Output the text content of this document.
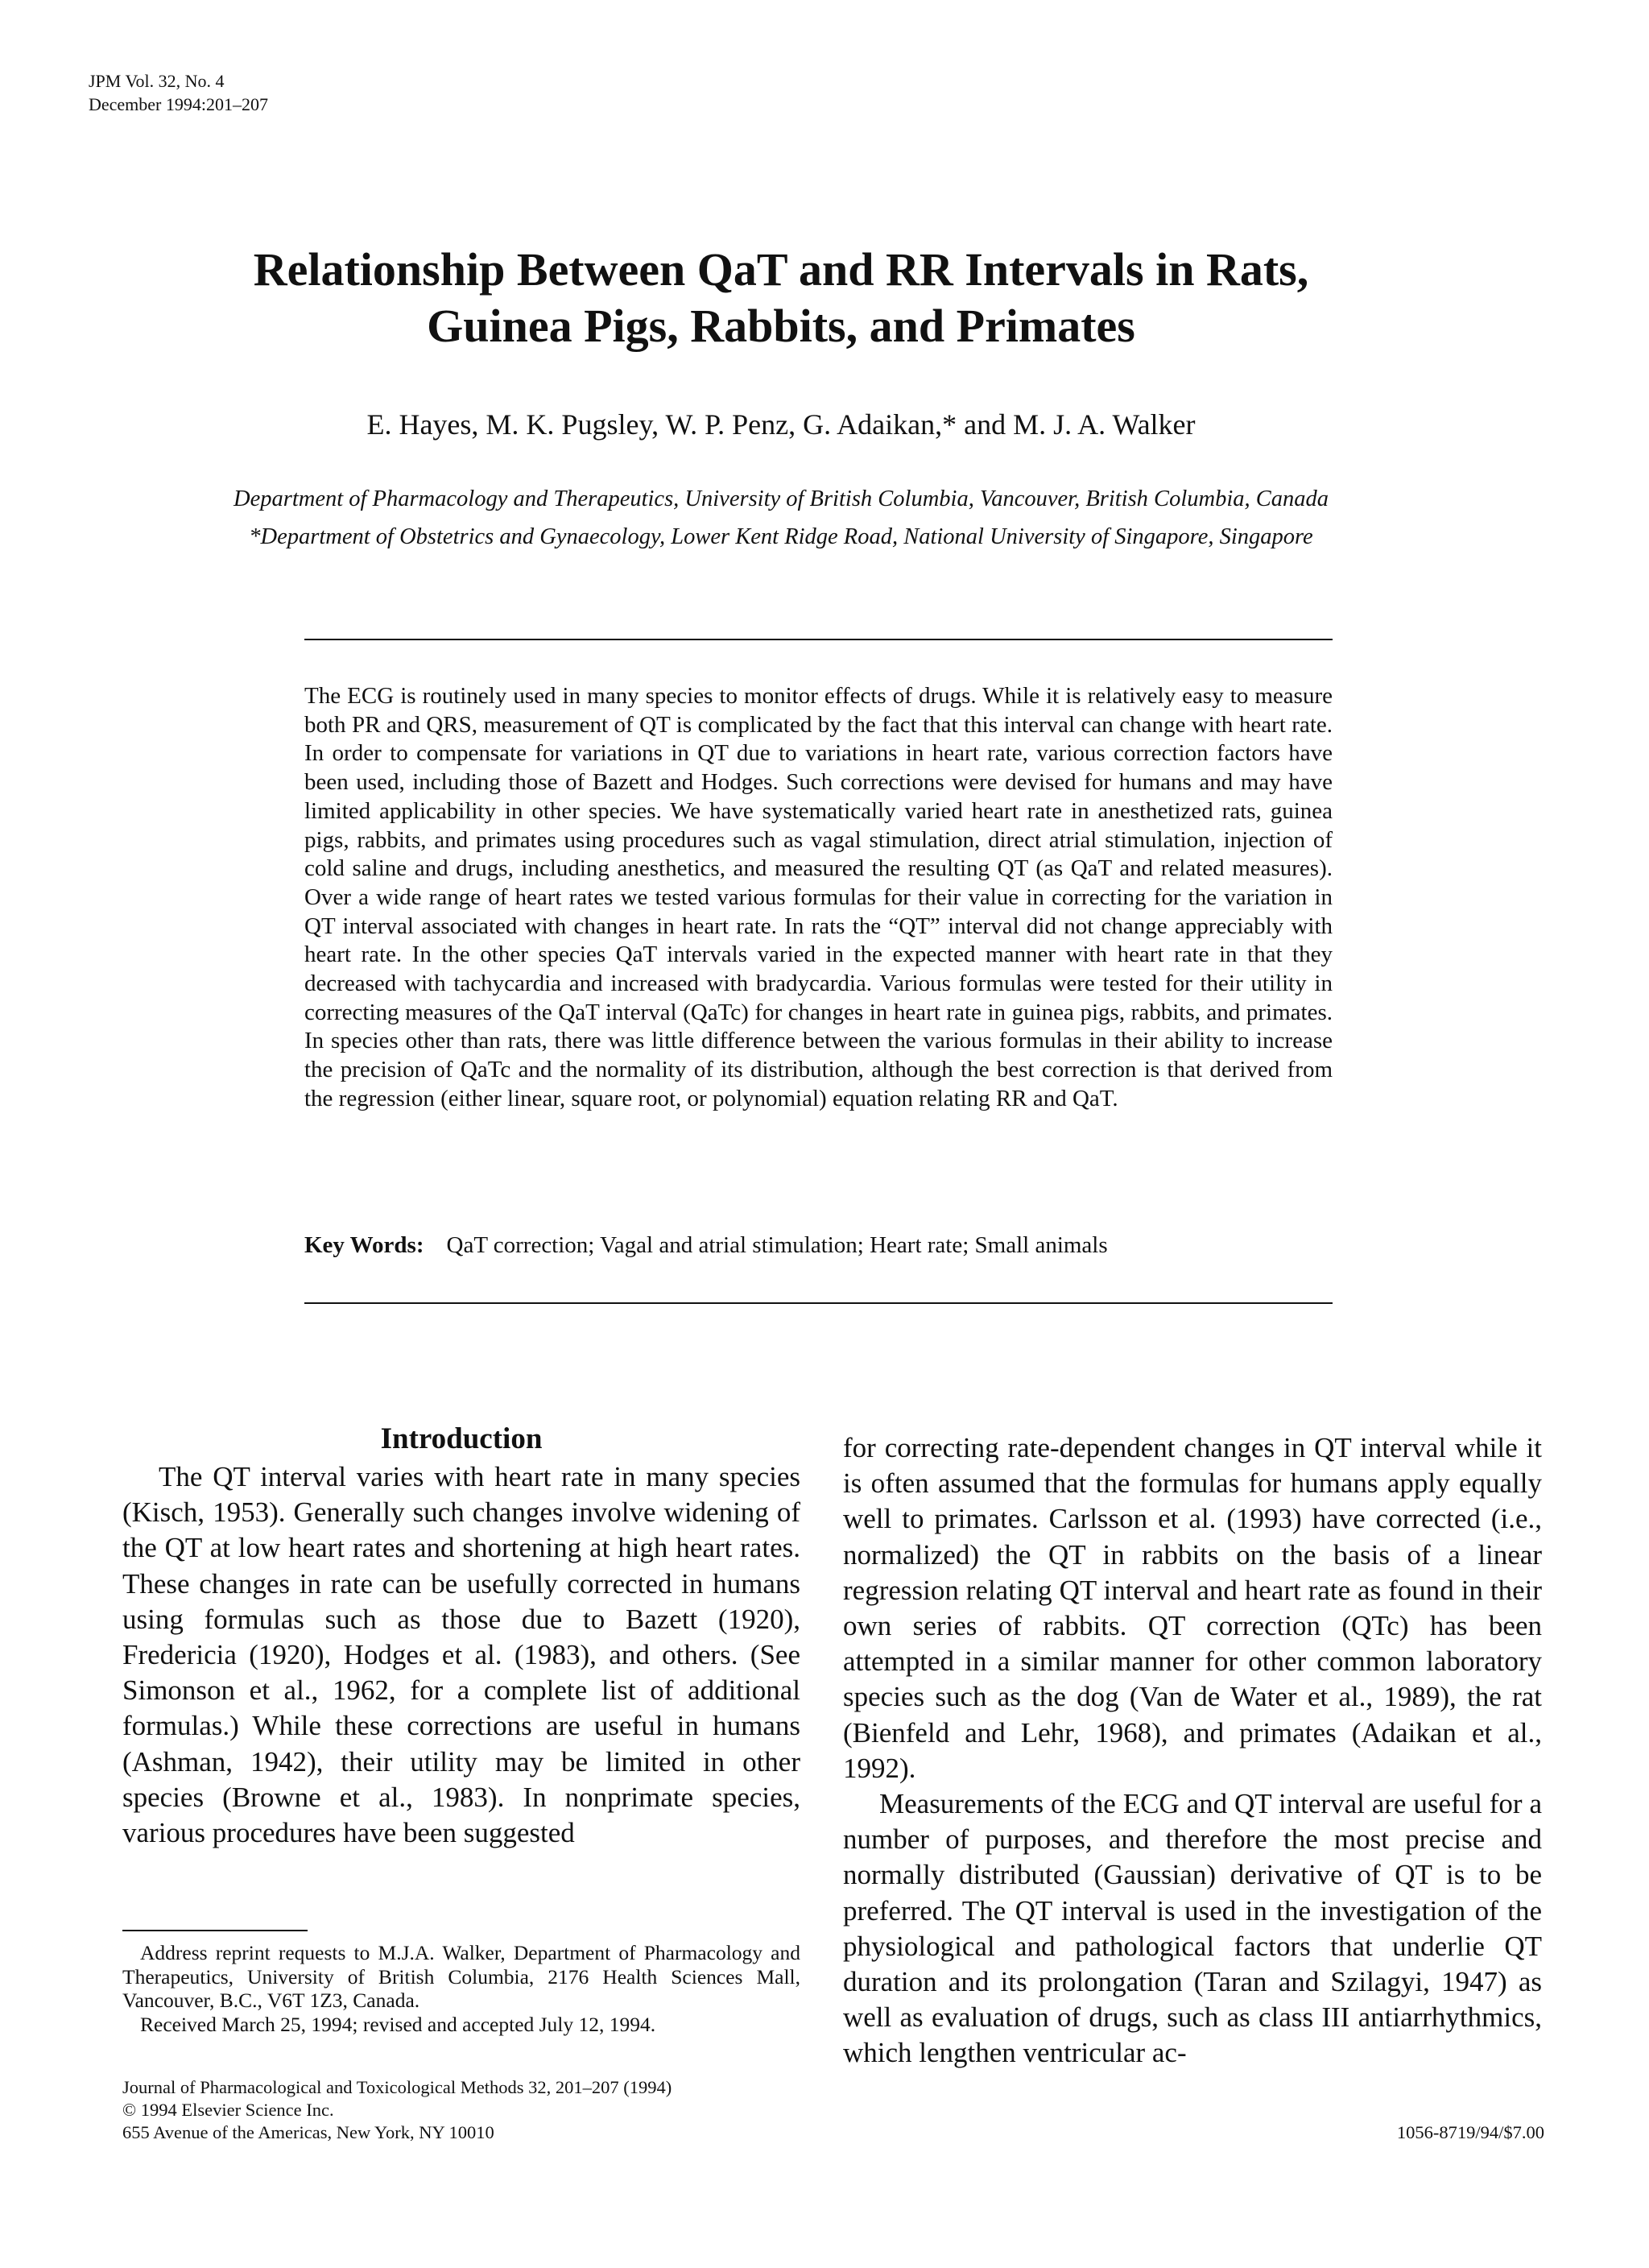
JPM Vol. 32, No. 4
December 1994:201–207
Relationship Between QaT and RR Intervals in Rats,
Guinea Pigs, Rabbits, and Primates
E. Hayes, M. K. Pugsley, W. P. Penz, G. Adaikan,* and M. J. A. Walker
Department of Pharmacology and Therapeutics, University of British Columbia, Vancouver, British Columbia, Canada
*Department of Obstetrics and Gynaecology, Lower Kent Ridge Road, National University of Singapore, Singapore
The ECG is routinely used in many species to monitor effects of drugs. While it is relatively easy to measure both PR and QRS, measurement of QT is complicated by the fact that this interval can change with heart rate. In order to compensate for variations in QT due to variations in heart rate, various correction factors have been used, including those of Bazett and Hodges. Such corrections were devised for humans and may have limited applicability in other species. We have systematically varied heart rate in anesthetized rats, guinea pigs, rabbits, and primates using procedures such as vagal stimulation, direct atrial stimulation, injection of cold saline and drugs, including anesthetics, and measured the resulting QT (as QaT and related measures). Over a wide range of heart rates we tested various formulas for their value in correcting for the variation in QT interval associated with changes in heart rate. In rats the “QT” interval did not change appreciably with heart rate. In the other species QaT intervals varied in the expected manner with heart rate in that they decreased with tachycardia and increased with bradycardia. Various formulas were tested for their utility in correcting measures of the QaT interval (QaTc) for changes in heart rate in guinea pigs, rabbits, and primates. In species other than rats, there was little difference between the various formulas in their ability to increase the precision of QaTc and the normality of its distribution, although the best correction is that derived from the regression (either linear, square root, or polynomial) equation relating RR and QaT.
Key Words: QaT correction; Vagal and atrial stimulation; Heart rate; Small animals
Introduction

The QT interval varies with heart rate in many species (Kisch, 1953). Generally such changes involve widening of the QT at low heart rates and shortening at high heart rates. These changes in rate can be usefully corrected in humans using formulas such as those due to Bazett (1920), Fredericia (1920), Hodges et al. (1983), and others. (See Simonson et al., 1962, for a complete list of additional formulas.) While these corrections are useful in humans (Ashman, 1942), their utility may be limited in other species (Browne et al., 1983). In nonprimate species, various procedures have been suggested

for correcting rate-dependent changes in QT interval while it is often assumed that the formulas for humans apply equally well to primates. Carlsson et al. (1993) have corrected (i.e., normalized) the QT in rabbits on the basis of a linear regression relating QT interval and heart rate as found in their own series of rabbits. QT correction (QTc) has been attempted in a similar manner for other common laboratory species such as the dog (Van de Water et al., 1989), the rat (Bienfeld and Lehr, 1968), and primates (Adaikan et al., 1992).

Measurements of the ECG and QT interval are useful for a number of purposes, and therefore the most precise and normally distributed (Gaussian) derivative of QT is to be preferred. The QT interval is used in the investigation of the physiological and pathological factors that underlie QT duration and its prolongation (Taran and Szilagyi, 1947) as well as evaluation of drugs, such as class III antiarrhythmics, which lengthen ventricular ac-

Address reprint requests to M.J.A. Walker, Department of Pharmacology and Therapeutics, University of British Columbia, 2176 Health Sciences Mall, Vancouver, B.C., V6T 1Z3, Canada.

Received March 25, 1994; revised and accepted July 12, 1994.

Journal of Pharmacological and Toxicological Methods 32, 201–207 (1994)

© 1994 Elsevier Science Inc.

655 Avenue of the Americas, New York, NY 10010	1056-8719/94/$7.00
